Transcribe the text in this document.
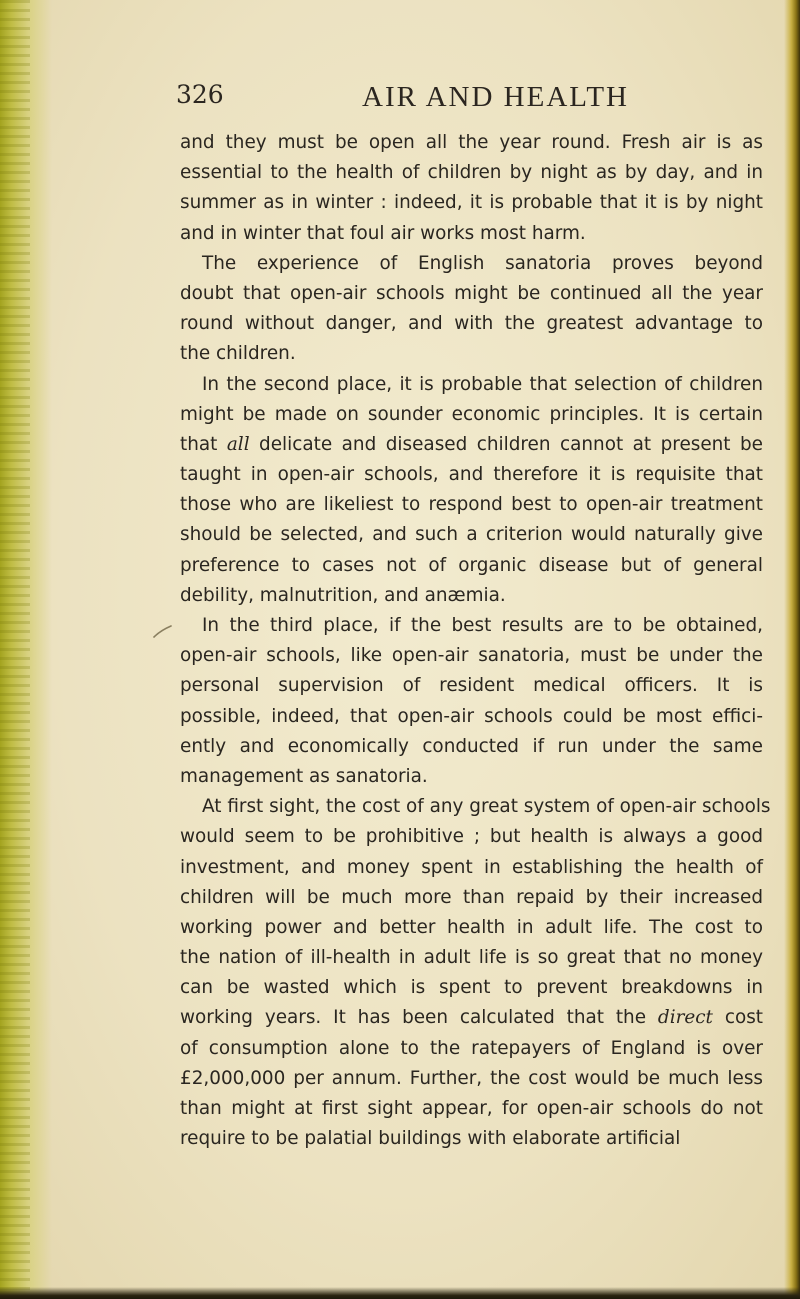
326	AIR AND HEALTH
and they must be open all the year round. Fresh air is as
essential to the health of children by night as by day, and in
summer as in winter : indeed, it is probable that it is by night
and in winter that foul air works most harm.
The experience of English sanatoria proves beyond
doubt that open-air schools might be continued all the year
round without danger, and with the greatest advantage to
the children.
In the second place, it is probable that selection of children
might be made on sounder economic principles. It is certain
that all delicate and diseased children cannot at present be
taught in open-air schools, and therefore it is requisite that
those who are likeliest to respond best to open-air treatment
should be selected, and such a criterion would naturally give
preference to cases not of organic disease but of general
debility, malnutrition, and anæmia.
In the third place, if the best results are to be obtained,
open-air schools, like open-air sanatoria, must be under the
personal supervision of resident medical officers. It is
possible, indeed, that open-air schools could be most effici-
ently and economically conducted if run under the same
management as sanatoria.
At first sight, the cost of any great system of open-air schools
would seem to be prohibitive ; but health is always a good
investment, and money spent in establishing the health of
children will be much more than repaid by their increased
working power and better health in adult life. The cost to
the nation of ill-health in adult life is so great that no money
can be wasted which is spent to prevent breakdowns in
working years. It has been calculated that the direct cost
of consumption alone to the ratepayers of England is over
£2,000,000 per annum. Further, the cost would be much less
than might at first sight appear, for open-air schools do not
require to be palatial buildings with elaborate artificial
